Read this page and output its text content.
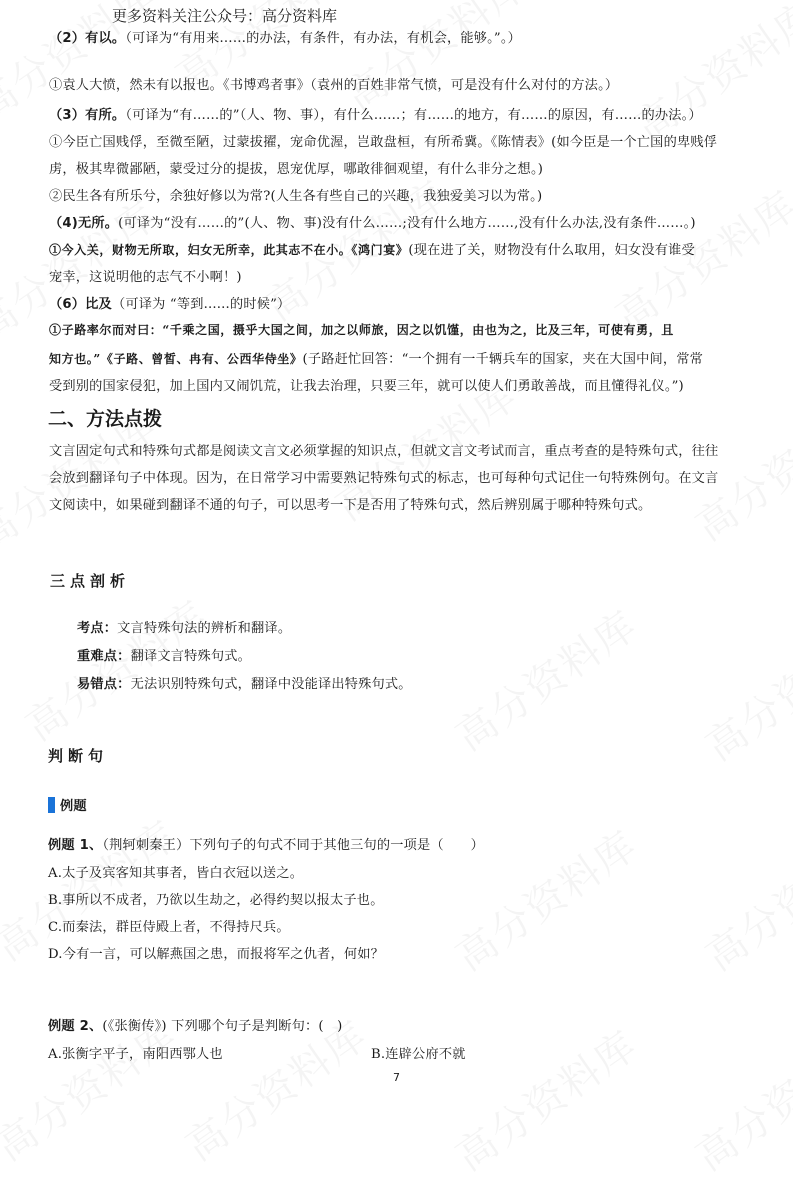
更多资料关注公众号：高分资料库
（2）有以。（可译为“有用来……的办法，有条件，有办法，有机会，能够。”。）
①袁人大愤，然未有以报也。《书博鸡者事》（袁州的百姓非常气愤，可是没有什么对付的方法。）
（3）有所。（可译为“有……的”（人、物、事），有什么……；有……的地方，有……的原因，有……的办法。）
①今臣亡国贱俘，至微至陋，过蒙拔擢，宠命优渥，岂敢盘桓，有所希冀。《陈情表》(如今臣是一个亡国的卑贱俘
虏，极其卑微鄙陋，蒙受过分的提拔，恩宠优厚，哪敢徘徊观望，有什么非分之想。)
②民生各有所乐兮，余独好修以为常?(人生各有些自己的兴趣，我独爱美习以为常。)
（4)无所。(可译为“没有……的”(人、物、事)没有什么……;没有什么地方……,没有什么办法,没有条件……。)
①今入关，财物无所取，妇女无所幸，此其志不在小。《鸿门宴》(现在进了关，财物没有什么取用，妇女没有谁受
宠幸，这说明他的志气不小啊！)
（6）比及（可译为 “等到......的时候”）
①子路率尔而对曰：“千乘之国，摄乎大国之间，加之以师旅，因之以饥馑，由也为之，比及三年，可使有勇，且
知方也。”《子路、曾皙、冉有、公西华侍坐》(子路赶忙回答：“一个拥有一千辆兵车的国家，夹在大国中间，常常
受到别的国家侵犯，加上国内又闹饥荒，让我去治理，只要三年，就可以使人们勇敢善战，而且懂得礼仪。”)
二、方法点拨
文言固定句式和特殊句式都是阅读文言文必须掌握的知识点，但就文言文考试而言，重点考查的是特殊句式，往往
会放到翻译句子中体现。因为，在日常学习中需要熟记特殊句式的标志，也可每种句式记住一句特殊例句。在文言
文阅读中，如果碰到翻译不通的句子，可以思考一下是否用了特殊句式，然后辨别属于哪种特殊句式。
三点剖析
考点：文言特殊句法的辨析和翻译。
重难点：翻译文言特殊句式。
易错点：无法识别特殊句式，翻译中没能译出特殊句式。
判断句
例题
例题 1、（荆轲刺秦王）下列句子的句式不同于其他三句的一项是（　　）
A.太子及宾客知其事者，皆白衣冠以送之。
B.事所以不成者，乃欲以生劫之，必得约契以报太子也。
C.而秦法，群臣侍殿上者，不得持尺兵。
D.今有一言，可以解燕国之患，而报将军之仇者，何如？
例题 2、(《张衡传》) 下列哪个句子是判断句：(　)
A.张衡字平子，南阳西鄂人也	B.连辟公府不就
7
